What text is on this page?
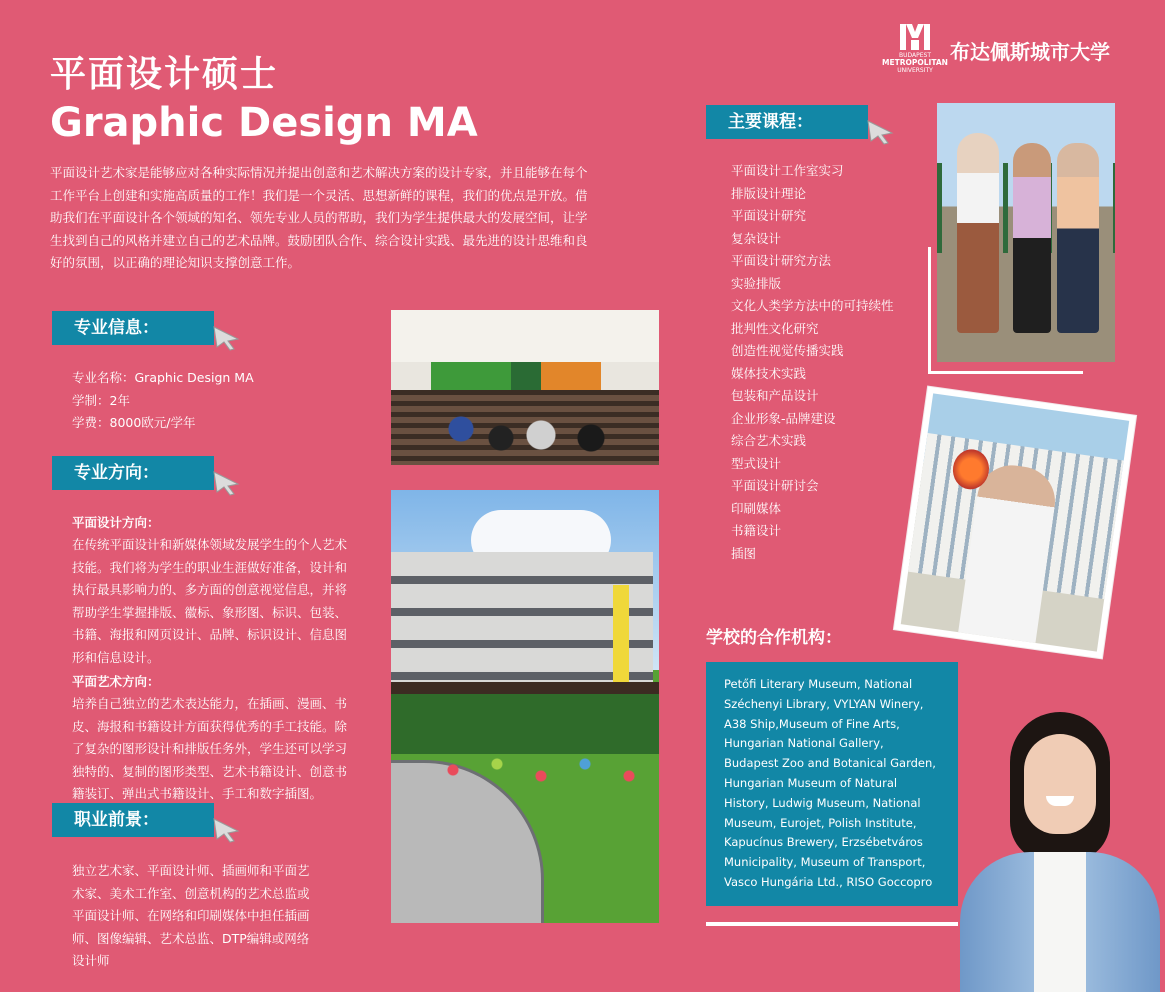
平面设计硕士
Graphic Design MA
BUDAPEST
METROPOLITAN
UNIVERSITY
布达佩斯城市大学
平面设计艺术家是能够应对各种实际情况并提出创意和艺术解决方案的设计专家，并且能够在每个工作平台上创建和实施高质量的工作！我们是一个灵活、思想新鲜的课程，我们的优点是开放。借助我们在平面设计各个领域的知名、领先专业人员的帮助，我们为学生提供最大的发展空间，让学生找到自己的风格并建立自己的艺术品牌。鼓励团队合作、综合设计实践、最先进的设计思维和良好的氛围，以正确的理论知识支撑创意工作。
专业信息：
专业名称：Graphic Design MA
学制：2年
学费：8000欧元/学年
专业方向：
平面设计方向：
在传统平面设计和新媒体领域发展学生的个人艺术技能。我们将为学生的职业生涯做好准备，设计和执行最具影响力的、多方面的创意视觉信息，并将帮助学生掌握排版、徽标、象形图、标识、包装、书籍、海报和网页设计、品牌、标识设计、信息图形和信息设计。
平面艺术方向：
培养自己独立的艺术表达能力，在插画、漫画、书皮、海报和书籍设计方面获得优秀的手工技能。除了复杂的图形设计和排版任务外，学生还可以学习独特的、复制的图形类型、艺术书籍设计、创意书籍装订、弹出式书籍设计、手工和数字插图。
职业前景：
独立艺术家、平面设计师、插画师和平面艺术家、美术工作室、创意机构的艺术总监或平面设计师、在网络和印刷媒体中担任插画师、图像编辑、艺术总监、DTP编辑或网络设计师
主要课程：
平面设计工作室实习
排版设计理论
平面设计研究
复杂设计
平面设计研究方法
实验排版
文化人类学方法中的可持续性
批判性文化研究
创造性视觉传播实践
媒体技术实践
包装和产品设计
企业形象-品牌建设
综合艺术实践
型式设计
平面设计研讨会
印刷媒体
书籍设计
插图
学校的合作机构：
Petőfi Literary Museum, National Széchenyi Library, VYLYAN Winery, A38 Ship,Museum of Fine Arts, Hungarian National Gallery, Budapest Zoo and Botanical Garden, Hungarian Museum of Natural History, Ludwig Museum, National Museum, Eurojet, Polish Institute, Kapucínus Brewery, Erzsébetváros Municipality, Museum of Transport, Vasco Hungária Ltd., RISO Goccopro
